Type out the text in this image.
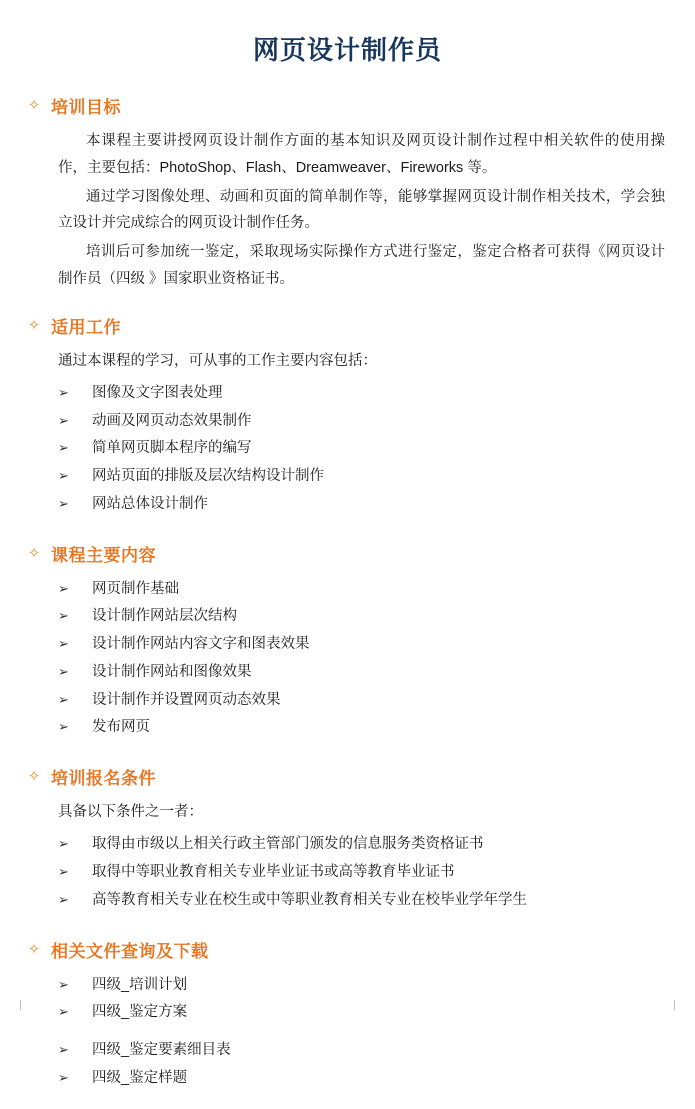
网页设计制作员
✧ 培训目标

本课程主要讲授网页设计制作方面的基本知识及网页设计制作过程中相关软件的使用操作，主要包括：PhotoShop、Flash、Dreamweaver、Fireworks 等。

通过学习图像处理、动画和页面的简单制作等，能够掌握网页设计制作相关技术，学会独立设计并完成综合的网页设计制作任务。

培训后可参加统一鉴定，采取现场实际操作方式进行鉴定，鉴定合格者可获得《网页设计制作员（四级 》国家职业资格证书。

✧ 适用工作

通过本课程的学习，可从事的工作主要内容包括：

➢	图像及文字图表处理
➢	动画及网页动态效果制作
➢	简单网页脚本程序的编写
➢	网站页面的排版及层次结构设计制作
➢	网站总体设计制作
✧ 课程主要内容
➢	网页制作基础
➢	设计制作网站层次结构
➢	设计制作网站内容文字和图表效果
➢	设计制作网站和图像效果
➢	设计制作并设置网页动态效果
➢	发布网页
✧ 培训报名条件

具备以下条件之一者：

➢	取得由市级以上相关行政主管部门颁发的信息服务类资格证书
➢	取得中等职业教育相关专业毕业证书或高等教育毕业证书
➢	高等教育相关专业在校生或中等职业教育相关专业在校毕业学年学生
✧ 相关文件查询及下载
➢	四级_培训计划
➢	四级_鉴定方案
➢	四级_鉴定要素细目表
➢	四级_鉴定样题
